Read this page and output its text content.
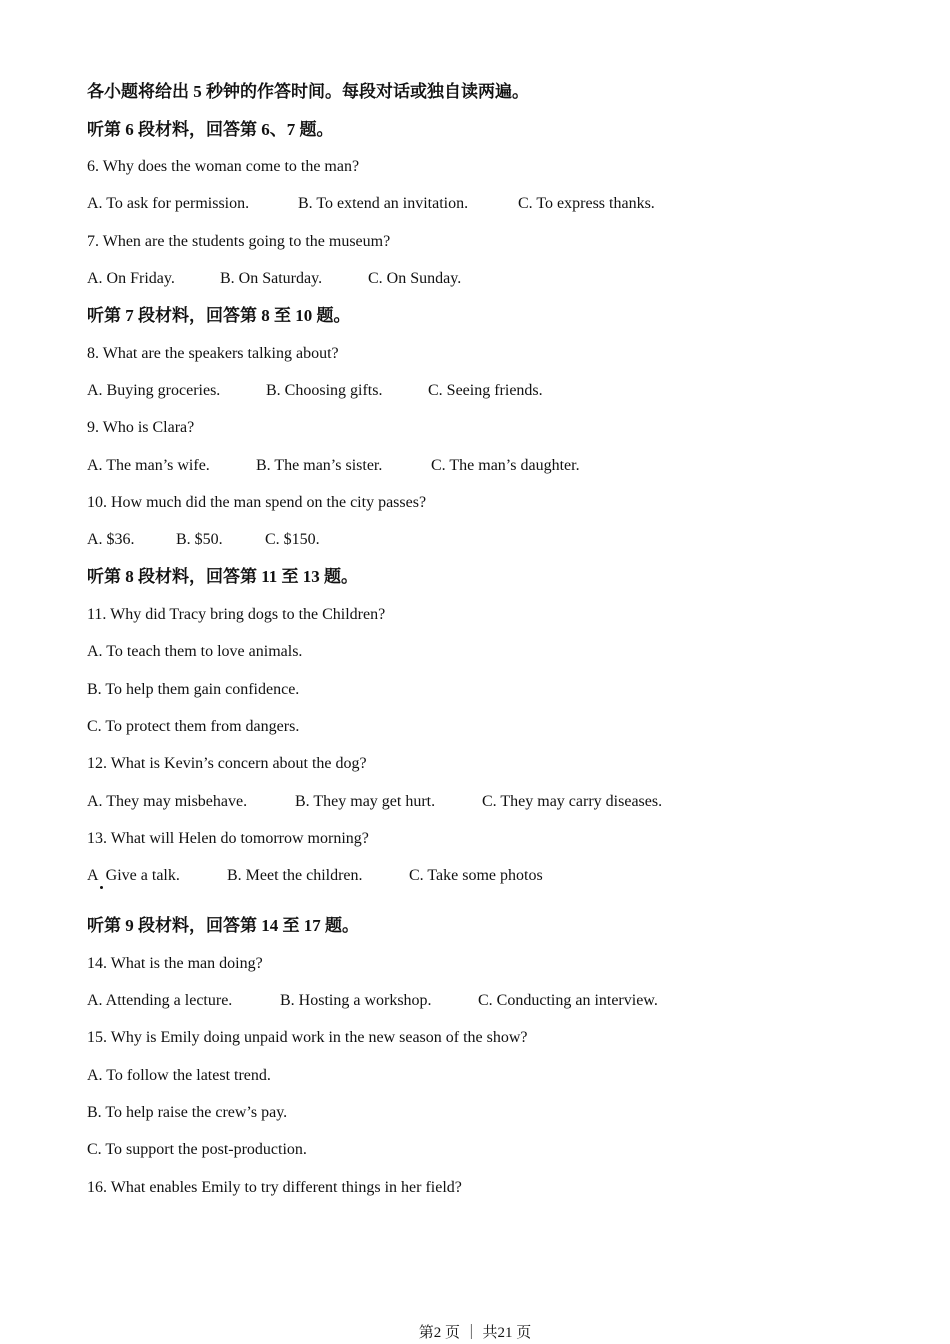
各小题将给出 5 秒钟的作答时间。每段对话或独自读两遍。
听第 6 段材料，回答第 6、7 题。
6. Why does the woman come to the man?
A. To ask for permission.	B. To extend an invitation.	C. To express thanks.
7. When are the students going to the museum?
A. On Friday.	B. On Saturday.	C. On Sunday.
听第 7 段材料，回答第 8 至 10 题。
8. What are the speakers talking about?
A. Buying groceries.	B. Choosing gifts.	C. Seeing friends.
9. Who is Clara?
A. The man’s wife.	B. The man’s sister.	C. The man’s daughter.
10. How much did the man spend on the city passes?
A. $36.	B. $50.	C. $150.
听第 8 段材料，回答第 11 至 13 题。
11. Why did Tracy bring dogs to the Children?
A. To teach them to love animals.
B. To help them gain confidence.
C. To protect them from dangers.
12. What is Kevin’s concern about the dog?
A. They may misbehave.	B. They may get hurt.	C. They may carry diseases.
13. What will Helen do tomorrow morning?
A  Give a talk.	B. Meet the children.	C. Take some photos
听第 9 段材料，回答第 14 至 17 题。
14. What is the man doing?
A. Attending a lecture.	B. Hosting a workshop.	C. Conducting an interview.
15. Why is Emily doing unpaid work in the new season of the show?
A. To follow the latest trend.
B. To help raise the crew’s pay.
C. To support the post-production.
16. What enables Emily to try different things in her field?
第2 页 ｜ 共21 页
